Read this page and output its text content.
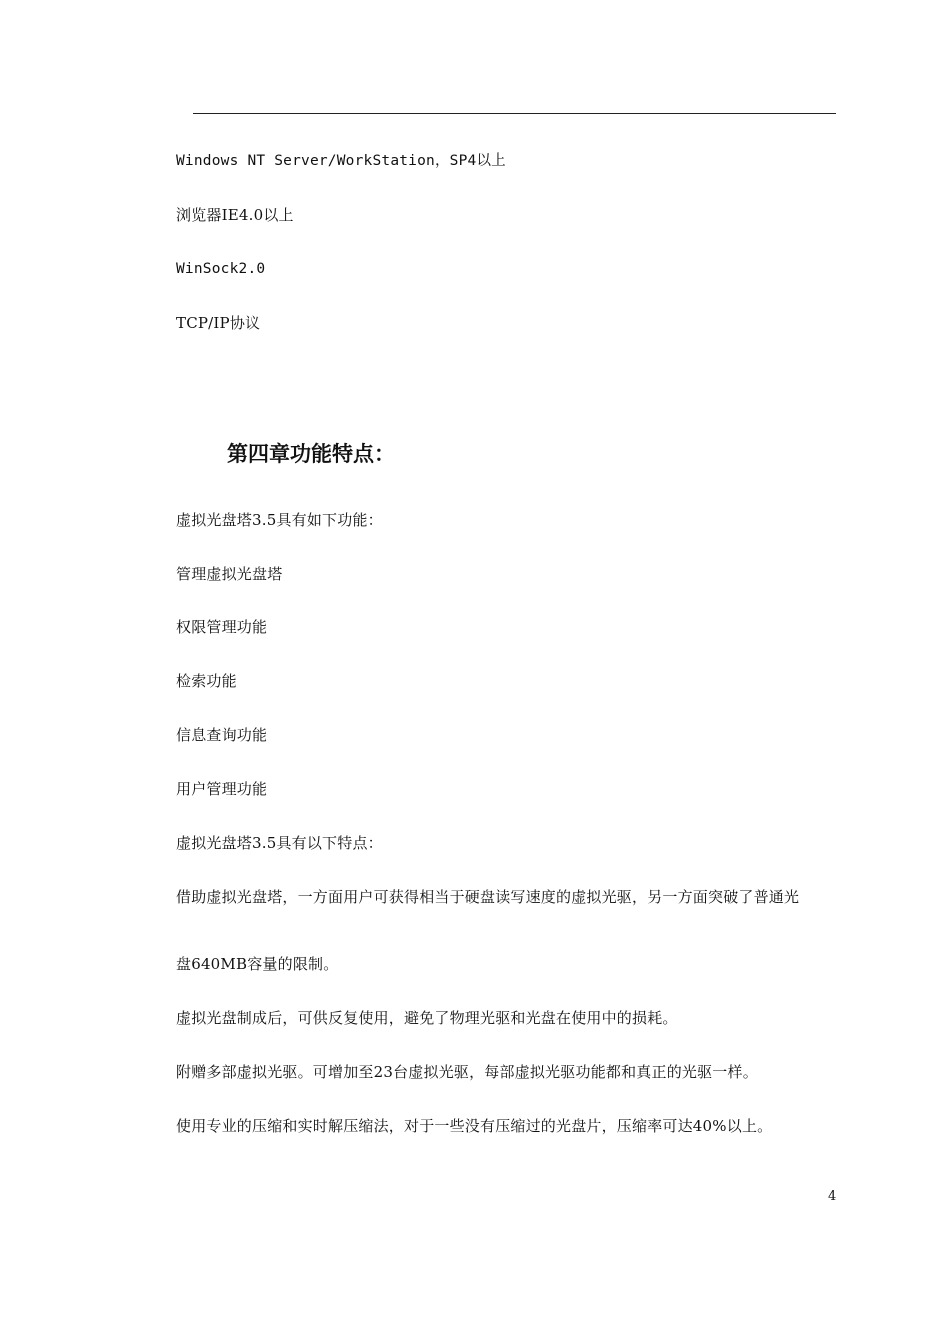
Windows NT Server/WorkStation，SP4以上
浏览器IE4.0以上
WinSock2.0
TCP/IP协议
第四章功能特点：
虚拟光盘塔3.5具有如下功能：
管理虚拟光盘塔
权限管理功能
检索功能
信息查询功能
用户管理功能
虚拟光盘塔3.5具有以下特点：
借助虚拟光盘塔，一方面用户可获得相当于硬盘读写速度的虚拟光驱，另一方面突破了普通光
盘640MB容量的限制。
虚拟光盘制成后，可供反复使用，避免了物理光驱和光盘在使用中的损耗。
附赠多部虚拟光驱。可增加至23台虚拟光驱，每部虚拟光驱功能都和真正的光驱一样。
使用专业的压缩和实时解压缩法，对于一些没有压缩过的光盘片，压缩率可达40%以上。
4
